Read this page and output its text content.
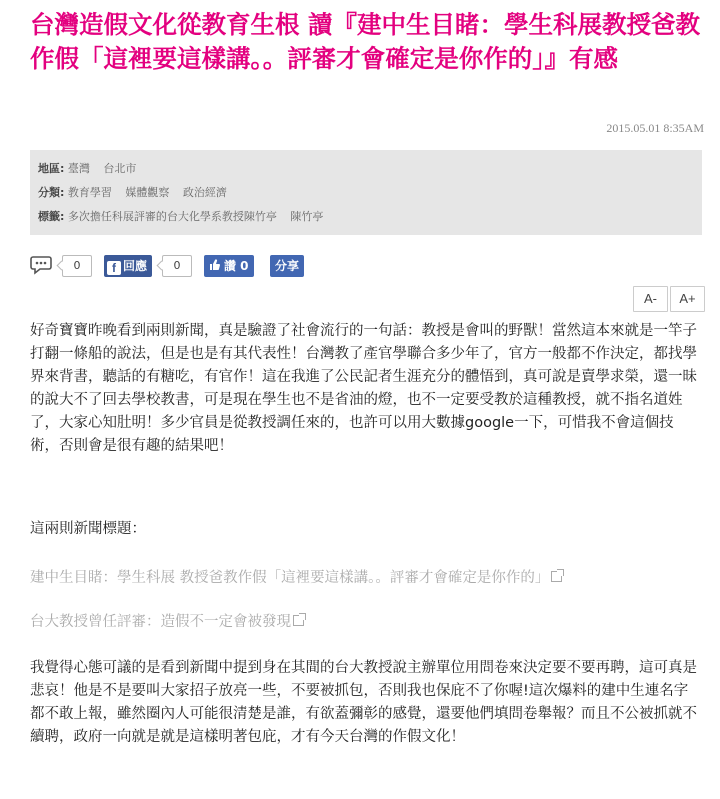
台灣造假文化從教育生根 讀『建中生目睹：學生科展教授爸教作假「這裡要這樣講。。評審才會確定是你作的」』有感
2015.05.01 8:35AM
地區: 臺灣 台北市
分類: 教育學習 媒體觀察 政治經濟
標籤: 多次擔任科展評審的台大化學系教授陳竹亭 陳竹亭
0	f 回應	0	讚 0	分享
A-	A+

好奇寶寶昨晚看到兩則新聞，真是驗證了社會流行的一句話：教授是會叫的野獸！當然這本來就是一竿子打翻一條船的說法，但是也是有其代表性！台灣教了產官學聯合多少年了，官方一般都不作決定，都找學界來背書，聽話的有糖吃，有官作！這在我進了公民記者生涯充分的體悟到，真可說是賣學求榮，還一昧的說大不了回去學校教書，可是現在學生也不是省油的燈，也不一定要受教於這種教授，就不指名道姓了，大家心知肚明！多少官員是從教授調任來的，也許可以用大數據google一下，可惜我不會這個技術，否則會是很有趣的結果吧！

這兩則新聞標題：

建中生目睹：學生科展 教授爸教作假「這裡要這樣講。。評審才會確定是你作的」
台大教授曾任評審：造假不一定會被發現

我覺得心態可議的是看到新聞中提到身在其間的台大教授說主辦單位用問卷來決定要不要再聘，這可真是悲哀！他是不是要叫大家招子放亮一些，不要被抓包，否則我也保庇不了你喔!這次爆料的建中生連名字都不敢上報，雖然圈內人可能很清楚是誰，有欲蓋彌彰的感覺，還要他們填問卷舉報？而且不公被抓就不續聘，政府一向就是就是這樣明著包庇，才有今天台灣的作假文化！
